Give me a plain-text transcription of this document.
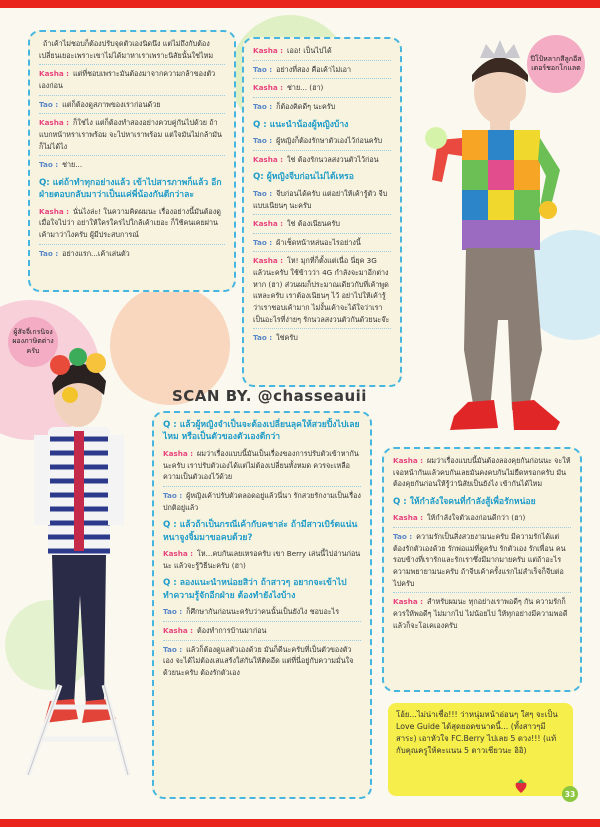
ปีโป้หลากสีลูกอีสเตอร์ชอกโกแลต
ผู้สัจจี่เกรนิจง ผองภาษิตต่างครับ
SCAN BY. @chasseauii

ถ้าเค้าไม่ชอบก็ต้องปรับจุดตัวเองนิดนึง แต่ไม่ถึงกับต้องเปลี่ยนเยอะเพราะเขาไม่ได้มาหาเราเพราะนิสัยนั้นใช่ไหม

Kasha : แต่ที่ชอบเพราะมันต้องมาจากความกล้าของตัวเองก่อน

Tao : แต่ก็ต้องดูสภาพของเราก่อนด้วย

Kasha : ก็ใช่ไง แต่ก็ต้องทำสองอย่างควบคู่กันไปด้วย ถ้าแบกหน้าหราเราพร้อม จะไปหาเราพร้อม แต่ใจมันไม่กล้ามันก็ไม่ได้ไง

Tao : ช่าย...

Q: แต่ถ้าทำทุกอย่างแล้ว เข้าไปสารภาพก็แล้ว อีกฝ่ายตอบกลับมาว่าเป็นแค่พี่น้องกันดีกว่าละ

Kasha : นั่นไงล่ะ! ในความคิดผมนะ เรื่องอย่างนี้มันต้องดูเมื่อใจไปว่า อย่าให้ใครใครไปใกล้เค้าเยอะ ก็ใช้คนเคยผ่านเค้ามาว่าไงครับ ผู้มีประสบการณ์

Tao : อย่างแรก...เค้าเล่นตัว

Kasha : เออ! เป็นไปได้

Tao : อย่างที่สอง คือเค้าไม่เอา

Kasha : ช่าย... (ฮา)

Tao : ก็ต้องคิดดีๆ นะครับ

Q : แนะนำน้องผู้หญิงบ้าง

Tao : ผู้หญิงก็ต้องรักษาตัวเองไว้ก่อนครับ

Kasha : ใช่ ต้องรักนวลสงวนตัวไว้ก่อน

Q: ผู้หญิงจีบก่อนไม่ได้เหรอ

Tao : จีบก่อนได้ครับ แต่อย่าให้เค้ารู้ตัว จีบแบบเนียนๆ นะครับ

Kasha : ใช่ ต้องเนียนครับ

Tao : ผ้าเช็ดหน้าหล่นอะไรอย่างนี้

Kasha : โห! มุกที่ก็ตั้งแต่เนื่อ นี่ยุค 3G แล้วนะครับ ใช้ข้าวว่า 4G กำลังจะมาอีกต่างหาก (ฮา) ส่วนผมก็ประมาณเดียวกับที่เค้าพูดแหละครับ เราต้องเนียนๆ ไว้ อย่าไปให้เค้ารู้ว่าเราชอบเค้ามาก ไม่งั้นเค้าจะได้ใจว่าเราเป็นอะไรที่ง่ายๆ รักนวลสงวนตัวกันด้วยนะจ๊ะ

Tao : ใช่ครับ

Q : แล้วผู้หญิงจำเป็นจะต้องเปลี่ยนลุคให้สวยปิ้งไปเลยไหม หรือเป็นตัวของตัวเองดีกว่า

Kasha : ผมว่าเรื่องแบบนี้มันเป็นเรื่องของการปรับตัวเข้าหากันนะครับ เราปรับตัวเองได้แต่ไม่ต้องเปลี่ยนทั้งหมด ควรจะเหลือความเป็นตัวเองไว้ด้วย

Tao : ผู้หญิงเค้าปรับตัวตลอดอยู่แล้วนี่นา รักสวยรักงามเป็นเรื่องปกติอยู่แล้ว

Q : แล้วถ้าเป็นกรณีเค้ากับคชาล่ะ ถ้ามีสาวเบิร์ดแน่นหนาจูงจิ้มมาขอคบด้วย?

Kasha : โห...คบกันเลยเหรอครับ เขา Berry เล่นนี้ไปอ่านก่อนนะ แล้วจะรู้วิธีนะครับ (ฮา)

Q : ลองแนะนำหน่อยสิว่า ถ้าสาวๆ อยากจะเข้าไปทำความรู้จักอีกฝ่าย ต้องทำยังไงบ้าง

Tao : ก็ศึกษากันก่อนนะครับว่าคนนั้นเป็นยังไง ชอบอะไร

Kasha : ต้องทำการบ้านมาก่อน

Tao : แล้วก็ต้องดูแลตัวเองด้วย มันก็ดีนะครับที่เป็นตัวของตัวเอง จะได้ไม่ต้องเสแสร้งใส่กันให้ติดอีด แต่ที่นี่อยู่กับความมั่นใจด้วยนะครับ ต้องรักตัวเอง

Kasha : ผมว่าเรื่องแบบนี้มันต้องลองคุยกันก่อนนะ จะให้เจอหน้ากันแล้วคบกันเลยมันคงคบกันไม่ยืดหรอกครับ มันต้องคุยกันก่อนให้รู้ว่านิสัยเป็นยังไง เข้ากันได้ไหม

Q : ให้กำลังใจคนที่กำลังสู้เพื่อรักหน่อย

Kasha : ให้กำลังใจตัวเองก่อนดีกว่า (ฮา)

Tao : ความรักเป็นสิ่งสวยงามนะครับ มีความรักได้แต่ต้องรักตัวเองด้วย รักพ่อแม่ที่ดูครับ รักตัวเอง รักเพื่อน คนรอบข้างที่เรารักและรักเราซึ่งมีมากมายครับ แต่ถ้าอะไรความพยายามนะครับ ถ้าจีบเค้าครั้งแรกไม่สำเร็จก็จีบต่อไปครับ

Kasha : สำหรับผมนะ ทุกอย่างเราพอดีๆ กัน ความรักก็ควรให้พอดีๆ ไม่มากไป ไม่น้อยไป ให้ทุกอย่างมีความพอดีแล้วก็จะโอเคเองครับ

โอ้ย...ไม่น่าเชื่อ!!! ว่าหนุ่มหน้าอ่อนๆ ใสๆ จะเป็น Love Guide ได้สุดยอดขนาดนี้... (ทั้งสาวๆมีสาระ) เอาหัวใจ FC.Berry ไปเลย 5 ดวง!!! (แท้กับคุณครูให้คะแนน 5 ดาวเชียวนะ อิอิ)
33
